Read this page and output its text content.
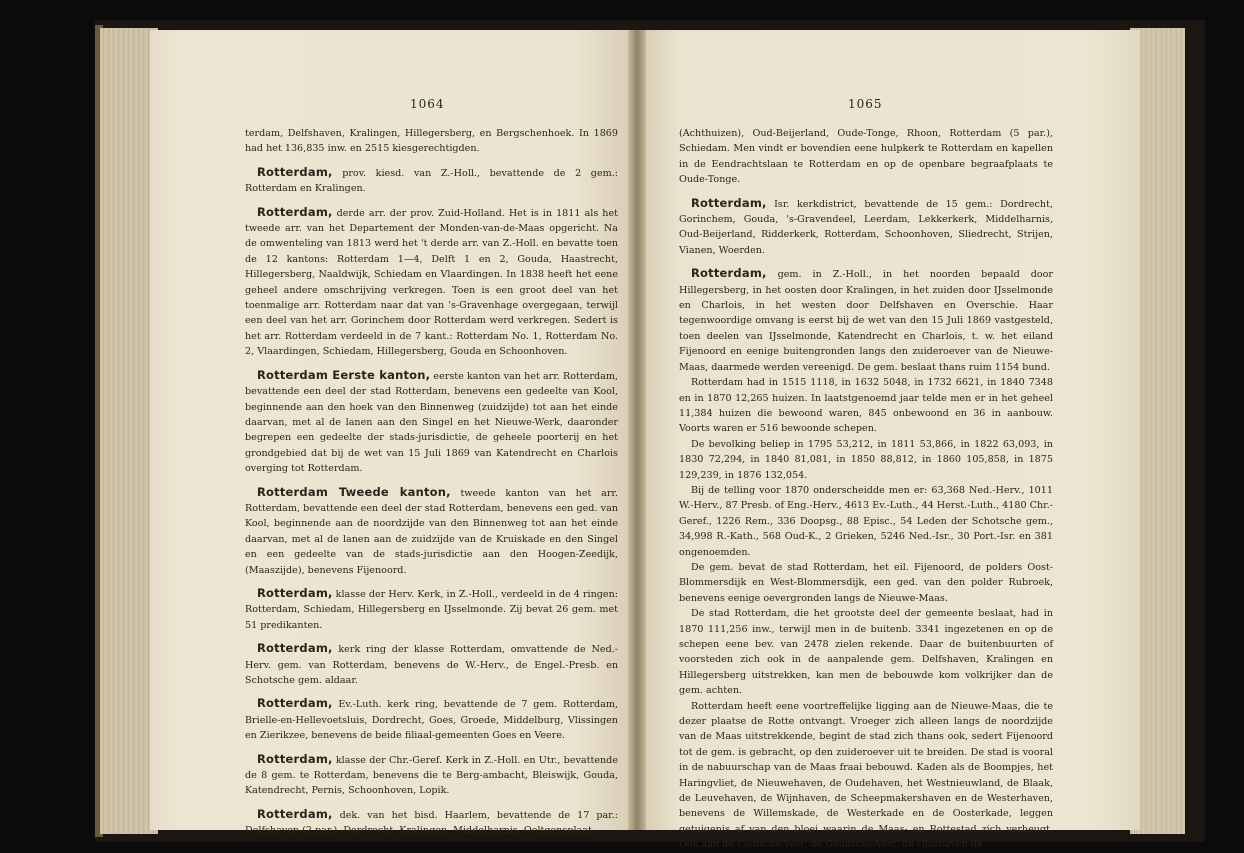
1064	1065

terdam, Delfshaven, Kralingen, Hillegersberg, en Bergschenhoek. In 1869 had het 136,835 inw. en 2515 kiesgerechtigden.

Rotterdam, prov. kiesd. van Z.-Holl., bevattende de 2 gem.: Rotterdam en Kralingen.

Rotterdam, derde arr. der prov. Zuid-Holland. Het is in 1811 als het tweede arr. van het Departement der Monden-van-de-Maas opgericht. Na de omwenteling van 1813 werd het 't derde arr. van Z.-Holl. en bevatte toen de 12 kantons: Rotterdam 1—4, Delft 1 en 2, Gouda, Haastrecht, Hillegersberg, Naaldwijk, Schiedam en Vlaardingen. In 1838 heeft het eene geheel andere omschrijving verkregen. Toen is een groot deel van het toenmalige arr. Rotterdam naar dat van 's-Gravenhage overgegaan, terwijl een deel van het arr. Gorinchem door Rotterdam werd verkregen. Sedert is het arr. Rotterdam verdeeld in de 7 kant.: Rotterdam No. 1, Rotterdam No. 2, Vlaardingen, Schiedam, Hillegersberg, Gouda en Schoonhoven.

Rotterdam Eerste kanton, eerste kanton van het arr. Rotterdam, bevattende een deel der stad Rotterdam, benevens een gedeelte van Kool, beginnende aan den hoek van den Binnenweg (zuidzijde) tot aan het einde daarvan, met al de lanen aan den Singel en het Nieuwe-Werk, daaronder begrepen een gedeelte der stads-jurisdictie, de geheele poorterij en het grondgebied dat bij de wet van 15 Juli 1869 van Katendrecht en Charlois overging tot Rotterdam.

Rotterdam Tweede kanton, tweede kanton van het arr. Rotterdam, bevattende een deel der stad Rotterdam, benevens een ged. van Kool, beginnende aan de noordzijde van den Binnenweg tot aan het einde daarvan, met al de lanen aan de zuidzijde van de Kruiskade en den Singel en een gedeelte van de stads-jurisdictie aan den Hoogen-Zeedijk, (Maaszijde), benevens Fijenoord.

Rotterdam, klasse der Herv. Kerk, in Z.-Holl., verdeeld in de 4 ringen: Rotterdam, Schiedam, Hillegersberg en IJsselmonde. Zij bevat 26 gem. met 51 predikanten.

Rotterdam, kerk ring der klasse Rotterdam, omvattende de Ned.-Herv. gem. van Rotterdam, benevens de W.-Herv., de Engel.-Presb. en Schotsche gem. aldaar.

Rotterdam, Ev.-Luth. kerk ring, bevattende de 7 gem. Rotterdam, Brielle-en-Hellevoetsluis, Dordrecht, Goes, Groede, Middelburg, Vlissingen en Zierikzee, benevens de beide filiaal-gemeenten Goes en Veere.

Rotterdam, klasse der Chr.-Geref. Kerk in Z.-Holl. en Utr., bevattende de 8 gem. te Rotterdam, benevens die te Berg-ambacht, Bleiswijk, Gouda, Katendrecht, Pernis, Schoonhoven, Lopik.

Rotterdam, dek. van het bisd. Haarlem, bevattende de 17 par.: Delfshaven (2 par.), Dordrecht, Kralingen, Middelharnis, Ooltgensplaat

(Achthuizen), Oud-Beijerland, Oude-Tonge, Rhoon, Rotterdam (5 par.), Schiedam. Men vindt er bovendien eene hulpkerk te Rotterdam en kapellen in de Eendrachtslaan te Rotterdam en op de openbare begraafplaats te Oude-Tonge.

Rotterdam, Isr. kerkdistrict, bevattende de 15 gem.: Dordrecht, Gorinchem, Gouda, 's-Gravendeel, Leerdam, Lekkerkerk, Middelharnis, Oud-Beijerland, Ridderkerk, Rotterdam, Schoonhoven, Sliedrecht, Strijen, Vianen, Woerden.

Rotterdam, gem. in Z.-Holl., in het noorden bepaald door Hillegersberg, in het oosten door Kralingen, in het zuiden door IJsselmonde en Charlois, in het westen door Delfshaven en Overschie. Haar tegenwoordige omvang is eerst bij de wet van den 15 Juli 1869 vastgesteld, toen deelen van IJsselmonde, Katendrecht en Charlois, t. w. het eiland Fijenoord en eenige buitengronden langs den zuideroever van de Nieuwe-Maas, daarmede werden vereenigd. De gem. beslaat thans ruim 1154 bund.

Rotterdam had in 1515 1118, in 1632 5048, in 1732 6621, in 1840 7348 en in 1870 12,265 huizen. In laatstgenoemd jaar telde men er in het geheel 11,384 huizen die bewoond waren, 845 onbewoond en 36 in aanbouw. Voorts waren er 516 bewoonde schepen.

De bevolking beliep in 1795 53,212, in 1811 53,866, in 1822 63,093, in 1830 72,294, in 1840 81,081, in 1850 88,812, in 1860 105,858, in 1875 129,239, in 1876 132,054.

Bij de telling voor 1870 onderscheidde men er: 63,368 Ned.-Herv., 1011 W.-Herv., 87 Presb. of Eng.-Herv., 4613 Ev.-Luth., 44 Herst.-Luth., 4180 Chr.-Geref., 1226 Rem., 336 Doopsg., 88 Episc., 54 Leden der Schotsche gem., 34,998 R.-Kath., 568 Oud-K., 2 Grieken, 5246 Ned.-Isr., 30 Port.-Isr. en 381 ongenoemden.

De gem. bevat de stad Rotterdam, het eil. Fijenoord, de polders Oost-Blommersdijk en West-Blommersdijk, een ged. van den polder Rubroek, benevens eenige oevergronden langs de Nieuwe-Maas.

De stad Rotterdam, die het grootste deel der gemeente beslaat, had in 1870 111,256 inw., terwijl men in de buitenb. 3341 ingezetenen en op de schepen eene bev. van 2478 zielen rekende. Daar de buitenbuurten of voorsteden zich ook in de aanpalende gem. Delfshaven, Kralingen en Hillegersberg uitstrekken, kan men de bebouwde kom volkrijker dan de gem. achten.

Rotterdam heeft eene voortreffelijke ligging aan de Nieuwe-Maas, die te dezer plaatse de Rotte ontvangt. Vroeger zich alleen langs de noordzijde van de Maas uitstrekkende, begint de stad zich thans ook, sedert Fijenoord tot de gem. is gebracht, op den zuideroever uit te breiden. De stad is vooral in de nabuurschap van de Maas fraai bebouwd. Kaden als de Boompjes, het Haringvliet, de Nieuwehaven, de Oudehaven, het Westnieuwland, de Blaak, de Leuvehaven, de Wijnhaven, de Scheepmakershaven en de Westerhaven, benevens de Willemskade, de Westerkade en de Oosterkade, leggen getuigenis af van den bloei waarin de Maas- en Rottestad zich verheugt. Ook aan de Coolsche-Vest, de Goudsche-Vest, de Glashaven de
